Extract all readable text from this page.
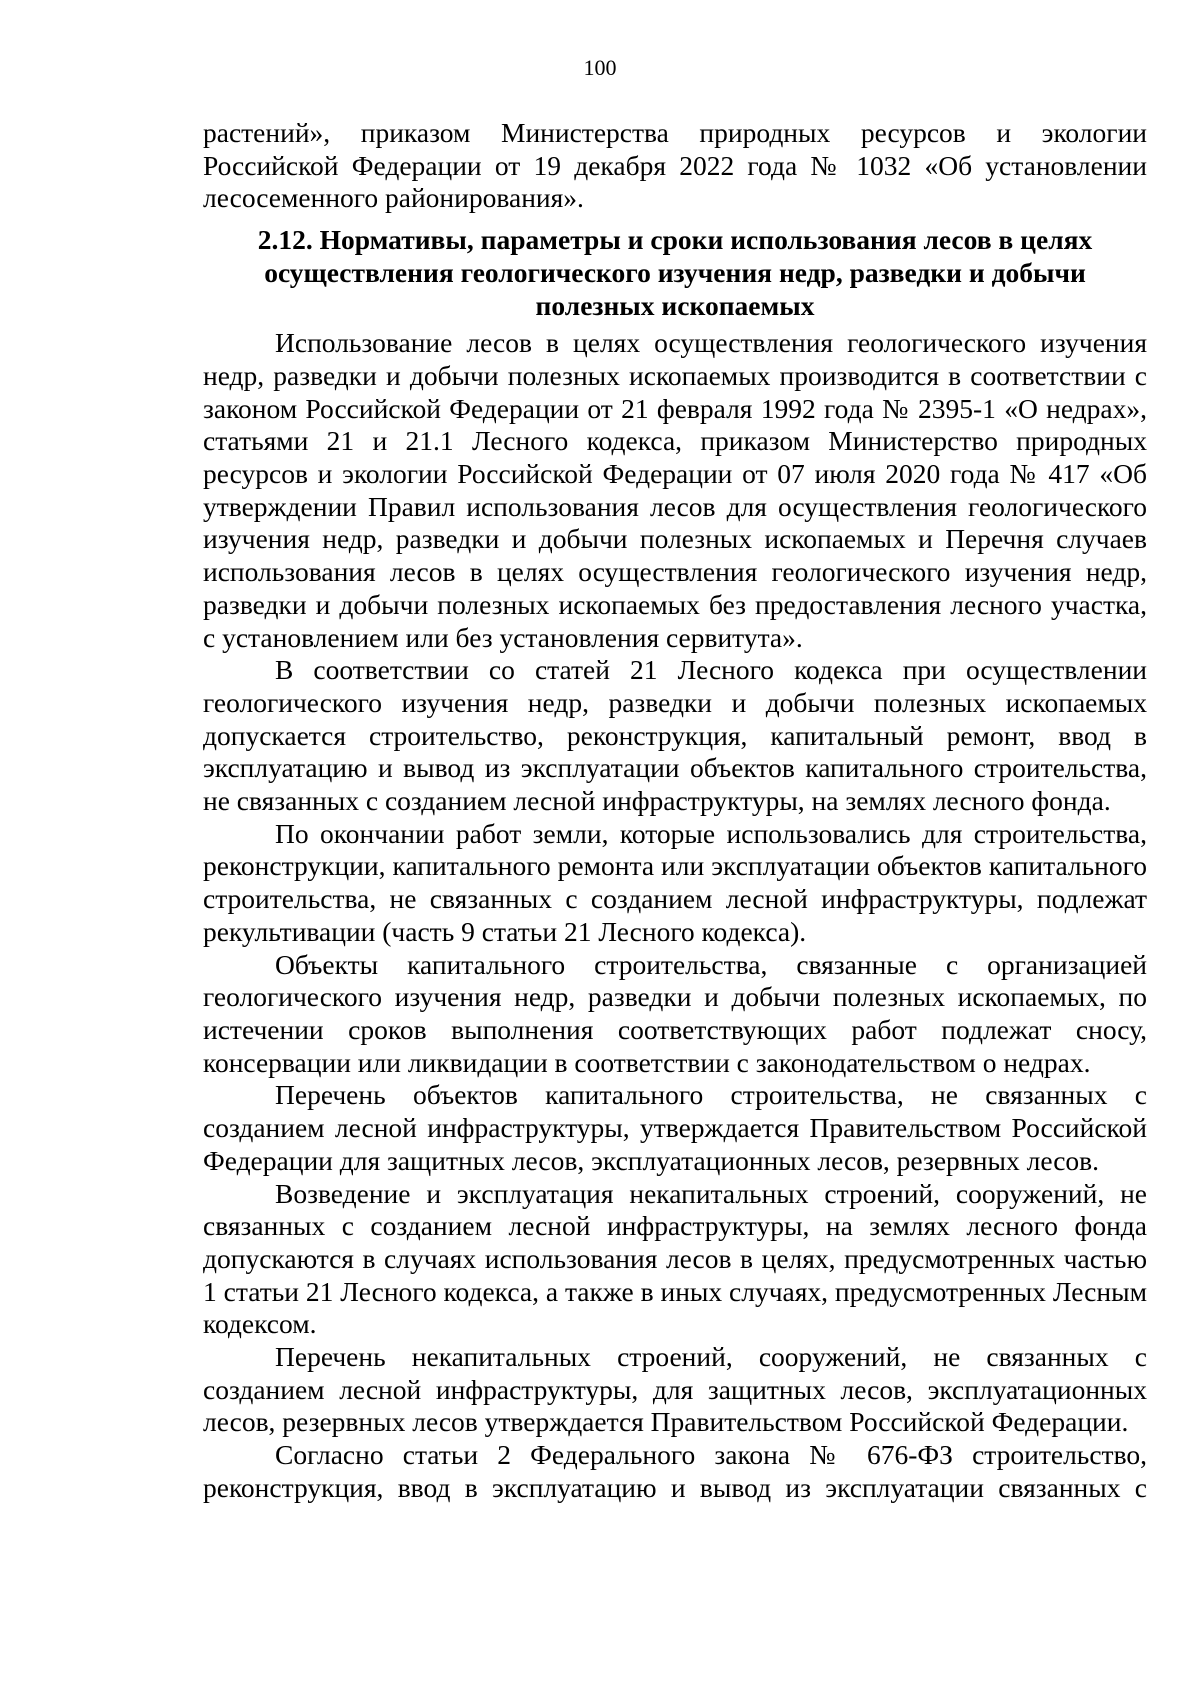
100

растений», приказом Министерства природных ресурсов и экологии Российской Федерации от 19 декабря 2022 года № 1032 «Об установлении лесосеменного районирования».

2.12. Нормативы, параметры и сроки использования лесов в целях осуществления геологического изучения недр, разведки и добычи полезных ископаемых

Использование лесов в целях осуществления геологического изучения недр, разведки и добычи полезных ископаемых производится в соответствии с законом Российской Федерации от 21 февраля 1992 года № 2395-1 «О недрах», статьями 21 и 21.1 Лесного кодекса, приказом Министерство природных ресурсов и экологии Российской Федерации от 07 июля 2020 года № 417 «Об утверждении Правил использования лесов для осуществления геологического изучения недр, разведки и добычи полезных ископаемых и Перечня случаев использования лесов в целях осуществления геологического изучения недр, разведки и добычи полезных ископаемых без предоставления лесного участка, с установлением или без установления сервитута».

В соответствии со статей 21 Лесного кодекса при осуществлении геологического изучения недр, разведки и добычи полезных ископаемых допускается строительство, реконструкция, капитальный ремонт, ввод в эксплуатацию и вывод из эксплуатации объектов капитального строительства, не связанных с созданием лесной инфраструктуры, на землях лесного фонда.

По окончании работ земли, которые использовались для строительства, реконструкции, капитального ремонта или эксплуатации объектов капитального строительства, не связанных с созданием лесной инфраструктуры, подлежат рекультивации (часть 9 статьи 21 Лесного кодекса).

Объекты капитального строительства, связанные с организацией геологического изучения недр, разведки и добычи полезных ископаемых, по истечении сроков выполнения соответствующих работ подлежат сносу, консервации или ликвидации в соответствии с законодательством о недрах.

Перечень объектов капитального строительства, не связанных с созданием лесной инфраструктуры, утверждается Правительством Российской Федерации для защитных лесов, эксплуатационных лесов, резервных лесов.

Возведение и эксплуатация некапитальных строений, сооружений, не связанных с созданием лесной инфраструктуры, на землях лесного фонда допускаются в случаях использования лесов в целях, предусмотренных частью 1 статьи 21 Лесного кодекса, а также в иных случаях, предусмотренных Лесным кодексом.

Перечень некапитальных строений, сооружений, не связанных с созданием лесной инфраструктуры, для защитных лесов, эксплуатационных лесов, резервных лесов утверждается Правительством Российской Федерации.

Согласно статьи 2 Федерального закона № 676-ФЗ строительство, реконструкция, ввод в эксплуатацию и вывод из эксплуатации связанных с
